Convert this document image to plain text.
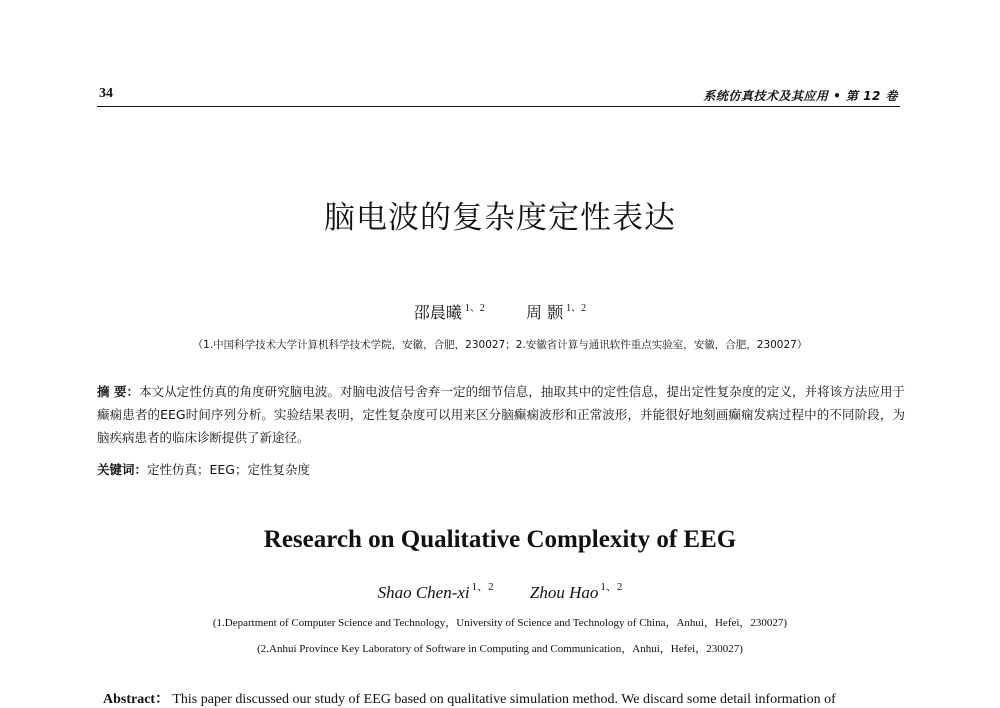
34	系统仿真技术及其应用 • 第 12 卷
脑电波的复杂度定性表达
邵晨曦 $^{1、2}$	周 颢 $^{1、2}$
（1.中国科学技术大学计算机科学技术学院，安徽，合肥，230027；2.安徽省计算与通讯软件重点实验室，安徽，合肥，230027）
摘 要：本文从定性仿真的角度研究脑电波。对脑电波信号舍弃一定的细节信息，抽取其中的定性信息，提出定性复杂度的定义，并将该方法应用于癫痫患者的EEG时间序列分析。实验结果表明，定性复杂度可以用来区分脑癫痫波形和正常波形，并能很好地刻画癫痫发病过程中的不同阶段，为脑疾病患者的临床诊断提供了新途径。
关键词：定性仿真；EEG；定性复杂度
Research on Qualitative Complexity of EEG
Shao Chen-xi $^{1、2}$ Zhou Hao $^{1、2}$
(1.Department of Computer Science and Technology，University of Science and Technology of China，Anhui，Hefei，230027)
(2.Anhui Province Key Laboratory of Software in Computing and Communication，Anhui，Hefei，230027)
Abstract： This paper discussed our study of EEG based on qualitative simulation method. We discard some detail information of
